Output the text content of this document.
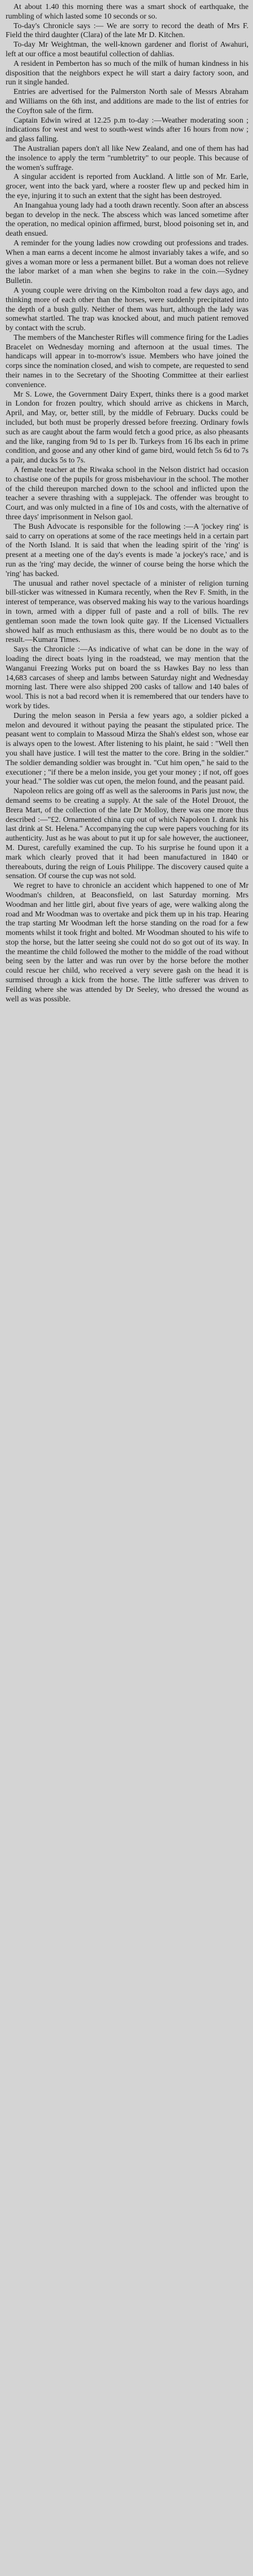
At about 1.40 this morning there was a smart shock of earthquake, the rumbling of which lasted some 10 seconds or so.

To-day's Chronicle says :— We are sorry to record the death of Mrs F. Field the third daughter (Clara) of the late Mr D. Kitchen.

To-day Mr Weightman, the well-known gardener and florist of Awahuri, left at our office a most beautiful collection of dahlias.

A resident in Pemberton has so much of the milk of human kindness in his disposition that the neighbors expect he will start a dairy factory soon, and run it single handed.

Entries are advertised for the Palmerston North sale of Messrs Abraham and Williams on the 6th inst, and additions are made to the list of entries for the Coyfton sale of the firm.

Captain Edwin wired at 12.25 p.m to-day :—Weather moderating soon ; indications for west and west to south-west winds after 16 hours from now ; and glass falling.

The Australian papers don't all like New Zealand, and one of them has had the insolence to apply the term "rumbletrity" to our people. This because of the women's suffrage.

A singular accident is reported from Auckland. A little son of Mr. Earle, grocer, went into the back yard, where a rooster flew up and pecked him in the eye, injuring it to such an extent that the sight has been destroyed.

An Inangahua young lady had a tooth drawn recently. Soon after an abscess began to develop in the neck. The abscess which was lanced sometime after the operation, no medical opinion affirmed, burst, blood poisoning set in, and death ensued.

A reminder for the young ladies now crowding out professions and trades. When a man earns a decent income he almost invariably takes a wife, and so gives a woman more or less a permanent billet. But a woman does not relieve the labor market of a man when she begins to rake in the coin.—Sydney Bulletin.

A young couple were driving on the Kimbolton road a few days ago, and thinking more of each other than the horses, were suddenly precipitated into the depth of a bush gully. Neither of them was hurt, although the lady was somewhat startled. The trap was knocked about, and much patient removed by contact with the scrub.

The members of the Manchester Rifles will commence firing for the Ladies Bracelet on Wednesday morning and afternoon at the usual times. The handicaps will appear in to-morrow's issue. Members who have joined the corps since the nomination closed, and wish to compete, are requested to send their names in to the Secretary of the Shooting Committee at their earliest convenience.

Mr S. Lowe, the Government Dairy Expert, thinks there is a good market in London for frozen poultry, which should arrive as chickens in March, April, and May, or, better still, by the middle of February. Ducks could be included, but both must be properly dressed before freezing. Ordinary fowls such as are caught about the farm would fetch a good price, as also pheasants and the like, ranging from 9d to 1s per lb. Turkeys from 16 lbs each in prime condition, and goose and any other kind of game bird, would fetch 5s 6d to 7s a pair, and ducks 5s to 7s.

A female teacher at the Riwaka school in the Nelson district had occasion to chastise one of the pupils for gross misbehaviour in the school. The mother of the child thereupon marched down to the school and inflicted upon the teacher a severe thrashing with a supplejack. The offender was brought to Court, and was only mulcted in a fine of 10s and costs, with the alternative of three days' imprisonment in Nelson gaol.

The Bush Advocate is responsible for the following :—A 'jockey ring' is said to carry on operations at some of the race meetings held in a certain part of the North Island. It is said that when the leading spirit of the 'ring' is present at a meeting one of the day's events is made 'a jockey's race,' and is run as the 'ring' may decide, the winner of course being the horse which the 'ring' has backed.

The unusual and rather novel spectacle of a minister of religion turning bill-sticker was witnessed in Kumara recently, when the Rev F. Smith, in the interest of temperance, was observed making his way to the various hoardings in town, armed with a dipper full of paste and a roll of bills. The rev gentleman soon made the town look quite gay. If the Licensed Victuallers showed half as much enthusiasm as this, there would be no doubt as to the result.—Kumara Times.

Says the Chronicle :—As indicative of what can be done in the way of loading the direct boats lying in the roadstead, we may mention that the Wanganui Freezing Works put on board the ss Hawkes Bay no less than 14,683 carcases of sheep and lambs between Saturday night and Wednesday morning last. There were also shipped 200 casks of tallow and 140 bales of wool. This is not a bad record when it is remembered that our tenders have to work by tides.

During the melon season in Persia a few years ago, a soldier picked a melon and devoured it without paying the peasant the stipulated price. The peasant went to complain to Massoud Mirza the Shah's eldest son, whose ear is always open to the lowest. After listening to his plaint, he said : "Well then you shall have justice. I will test the matter to the core. Bring in the soldier." The soldier demanding soldier was brought in. "Cut him open," he said to the executioner ; "if there be a melon inside, you get your money ; if not, off goes your head." The soldier was cut open, the melon found, and the peasant paid.

Napoleon relics are going off as well as the salerooms in Paris just now, the demand seems to be creating a supply. At the sale of the Hotel Drouot, the Brera Mart, of the collection of the late Dr Molloy, there was one more thus described :—"£2. Ornamented china cup out of which Napoleon I. drank his last drink at St. Helena." Accompanying the cup were papers vouching for its authenticity. Just as he was about to put it up for sale however, the auctioneer, M. Durest, carefully examined the cup. To his surprise he found upon it a mark which clearly proved that it had been manufactured in 1840 or thereabouts, during the reign of Louis Philippe. The discovery caused quite a sensation. Of course the cup was not sold.

We regret to have to chronicle an accident which happened to one of Mr Woodman's children, at Beaconsfield, on last Saturday morning. Mrs Woodman and her little girl, about five years of age, were walking along the road and Mr Woodman was to overtake and pick them up in his trap. Hearing the trap starting Mr Woodman left the horse standing on the road for a few moments whilst it took fright and bolted. Mr Woodman shouted to his wife to stop the horse, but the latter seeing she could not do so got out of its way. In the meantime the child followed the mother to the middle of the road without being seen by the latter and was run over by the horse before the mother could rescue her child, who received a very severe gash on the head it is surmised through a kick from the horse. The little sufferer was driven to Feilding where she was attended by Dr Seeley, who dressed the wound as well as was possible.
